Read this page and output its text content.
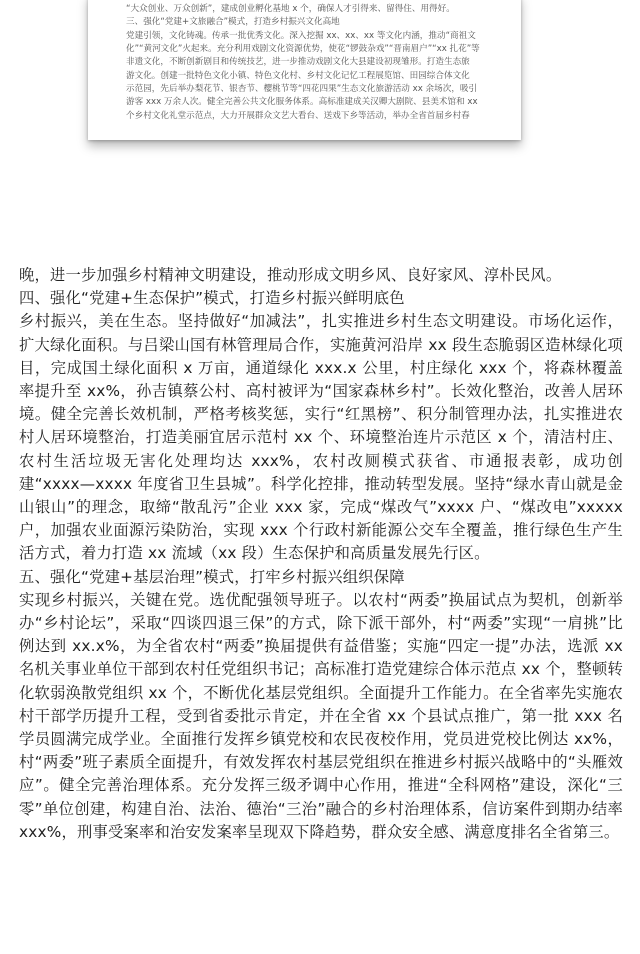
“大众创业、万众创新”，建成创业孵化基地 x 个，确保人才引得来、留得住、用得好。
三、强化“党建+文旅融合”模式，打造乡村振兴文化高地
党建引领，文化铸魂。传承一批优秀文化。深入挖掘 xx、xx、xx 等文化内涵，推动“商祖文
化”“黄河文化”火起来。充分利用戏剧文化资源优势，使花“锣鼓杂戏”“晋南眉户”“xx 扎花”等
非遗文化，不断创新剧目和传统技艺，进一步推动戏剧文化大县建设初现雏形。打造生态旅
游文化。创建一批特色文化小镇、特色文化村、乡村文化记忆工程展览馆、田园综合体文化
示范园，先后举办梨花节、银杏节、樱桃节等“四花四果”生态文化旅游活动 xx 余场次，吸引
游客 xxx 万余人次。健全完善公共文化服务体系。高标准建成关汉卿大剧院、县美术馆和 xx
个乡村文化礼堂示范点，大力开展群众文艺大看台、送戏下乡等活动，举办全省首届乡村春

晚，进一步加强乡村精神文明建设，推动形成文明乡风、良好家风、淳朴民风。

四、强化“党建+生态保护”模式，打造乡村振兴鲜明底色

乡村振兴，美在生态。坚持做好“加减法”，扎实推进乡村生态文明建设。市场化运作，扩大绿化面积。与吕梁山国有林管理局合作，实施黄河沿岸 xx 段生态脆弱区造林绿化项目，完成国土绿化面积 x 万亩，通道绿化 xxx.x 公里，村庄绿化 xxx 个，将森林覆盖率提升至 xx%，孙吉镇蔡公村、高村被评为“国家森林乡村”。长效化整治，改善人居环境。健全完善长效机制，严格考核奖惩，实行“红黑榜”、积分制管理办法，扎实推进农村人居环境整治，打造美丽宜居示范村 xx 个、环境整治连片示范区 x 个，清洁村庄、农村生活垃圾无害化处理均达 xxx%，农村改厕模式获省、市通报表彰，成功创建“xxxx—xxxx 年度省卫生县城”。科学化控排，推动转型发展。坚持“绿水青山就是金山银山”的理念，取缔“散乱污”企业 xxx 家，完成“煤改气”xxxx 户、“煤改电”xxxxx 户，加强农业面源污染防治，实现 xxx 个行政村新能源公交车全覆盖，推行绿色生产生活方式，着力打造 xx 流域（xx 段）生态保护和高质量发展先行区。

五、强化“党建+基层治理”模式，打牢乡村振兴组织保障

实现乡村振兴，关键在党。选优配强领导班子。以农村“两委”换届试点为契机，创新举办“乡村论坛”，采取“四谈四退三保”的方式，除下派干部外，村“两委”实现“一肩挑”比例达到 xx.x%，为全省农村“两委”换届提供有益借鉴；实施“四定一提”办法，选派 xx 名机关事业单位干部到农村任党组织书记；高标准打造党建综合体示范点 xx 个，整顿转化软弱涣散党组织 xx 个，不断优化基层党组织。全面提升工作能力。在全省率先实施农村干部学历提升工程，受到省委批示肯定，并在全省 xx 个县试点推广，第一批 xxx 名学员圆满完成学业。全面推行发挥乡镇党校和农民夜校作用，党员进党校比例达 xx%，村“两委”班子素质全面提升，有效发挥农村基层党组织在推进乡村振兴战略中的“头雁效应”。健全完善治理体系。充分发挥三级矛调中心作用，推进“全科网格”建设，深化“三零”单位创建，构建自治、法治、德治“三治”融合的乡村治理体系，信访案件到期办结率 xxx%，刑事受案率和治安发案率呈现双下降趋势，群众安全感、满意度排名全省第三。
